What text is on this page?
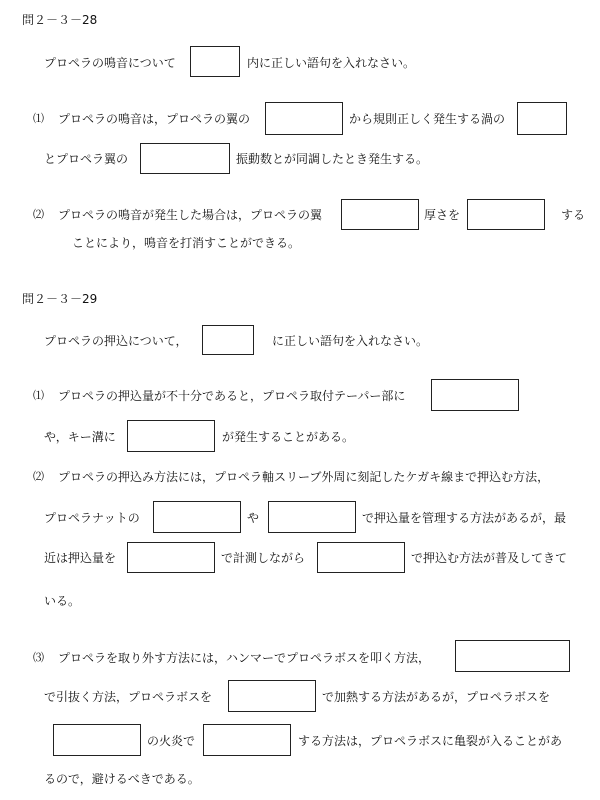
問２－３－28
プロペラの鳴音について	内に正しい語句を入れなさい。
⑴ プロペラの鳴音は，プロペラの翼の	から規則正しく発生する渦の
とプロペラ翼の	振動数とが同調したとき発生する。
⑵ プロペラの鳴音が発生した場合は，プロペラの翼	厚さを	する
ことにより，鳴音を打消すことができる。
問２－３－29
プロペラの押込について，	に正しい語句を入れなさい。
⑴ プロペラの押込量が不十分であると，プロペラ取付テーパー部に
や，キー溝に	が発生することがある。
⑵ プロペラの押込み方法には，プロペラ軸スリーブ外周に刻記したケガキ線まで押込む方法，
プロペラナットの	や	で押込量を管理する方法があるが，最
近は押込量を	で計測しながら	で押込む方法が普及してきて
いる。
⑶ プロペラを取り外す方法には，ハンマーでプロペラボスを叩く方法，
で引抜く方法，プロペラボスを	で加熱する方法があるが，プロペラボスを
の火炎で	する方法は，プロペラボスに亀裂が入ることがあ
るので，避けるべきである。
